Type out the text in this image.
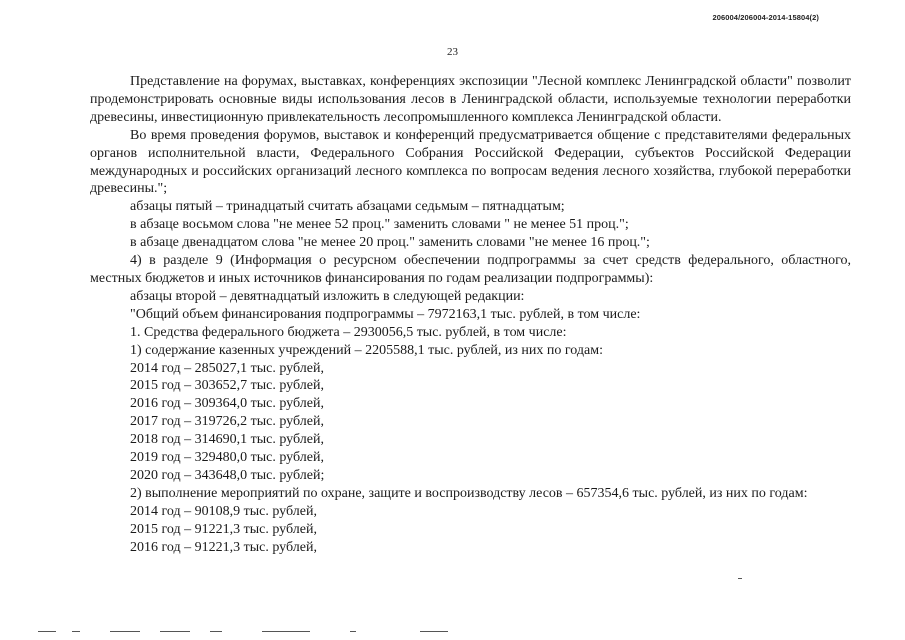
206004/206004-2014-15804(2)
23

Представление на форумах, выставках, конференциях экспозиции "Лесной комплекс Ленинградской области" позволит продемонстрировать основные виды использования лесов в Ленинградской области, используемые технологии переработки древесины, инвестиционную привлекательность лесопромышленного комплекса Ленинградской области.

Во время проведения форумов, выставок и конференций предусматривается общение с представителями федеральных органов исполнительной власти, Федерального Собрания Российской Федерации, субъектов Российской Федерации международных и российских организаций лесного комплекса по вопросам ведения лесного хозяйства, глубокой переработки древесины.";

абзацы пятый – тринадцатый считать абзацами седьмым – пятнадцатым;

в абзаце восьмом слова "не менее 52 проц." заменить словами " не менее 51 проц.";

в абзаце двенадцатом слова "не менее 20 проц." заменить словами "не менее 16 проц.";

4) в разделе 9 (Информация о ресурсном обеспечении подпрограммы за счет средств федерального, областного, местных бюджетов и иных источников финансирования по годам реализации подпрограммы):

абзацы второй – девятнадцатый изложить в следующей редакции:

"Общий объем финансирования подпрограммы – 7972163,1 тыс. рублей, в том числе:

1. Средства федерального бюджета – 2930056,5 тыс. рублей, в том числе:

1) содержание казенных учреждений – 2205588,1 тыс. рублей, из них по годам:

2014 год – 285027,1 тыс. рублей,

2015 год – 303652,7 тыс. рублей,

2016 год – 309364,0 тыс. рублей,

2017 год – 319726,2 тыс. рублей,

2018 год – 314690,1 тыс. рублей,

2019 год – 329480,0 тыс. рублей,

2020 год – 343648,0 тыс. рублей;

2) выполнение мероприятий по охране, защите и воспроизводству лесов – 657354,6 тыс. рублей, из них по годам:

2014 год – 90108,9 тыс. рублей,

2015 год – 91221,3 тыс. рублей,

2016 год – 91221,3 тыс. рублей,
